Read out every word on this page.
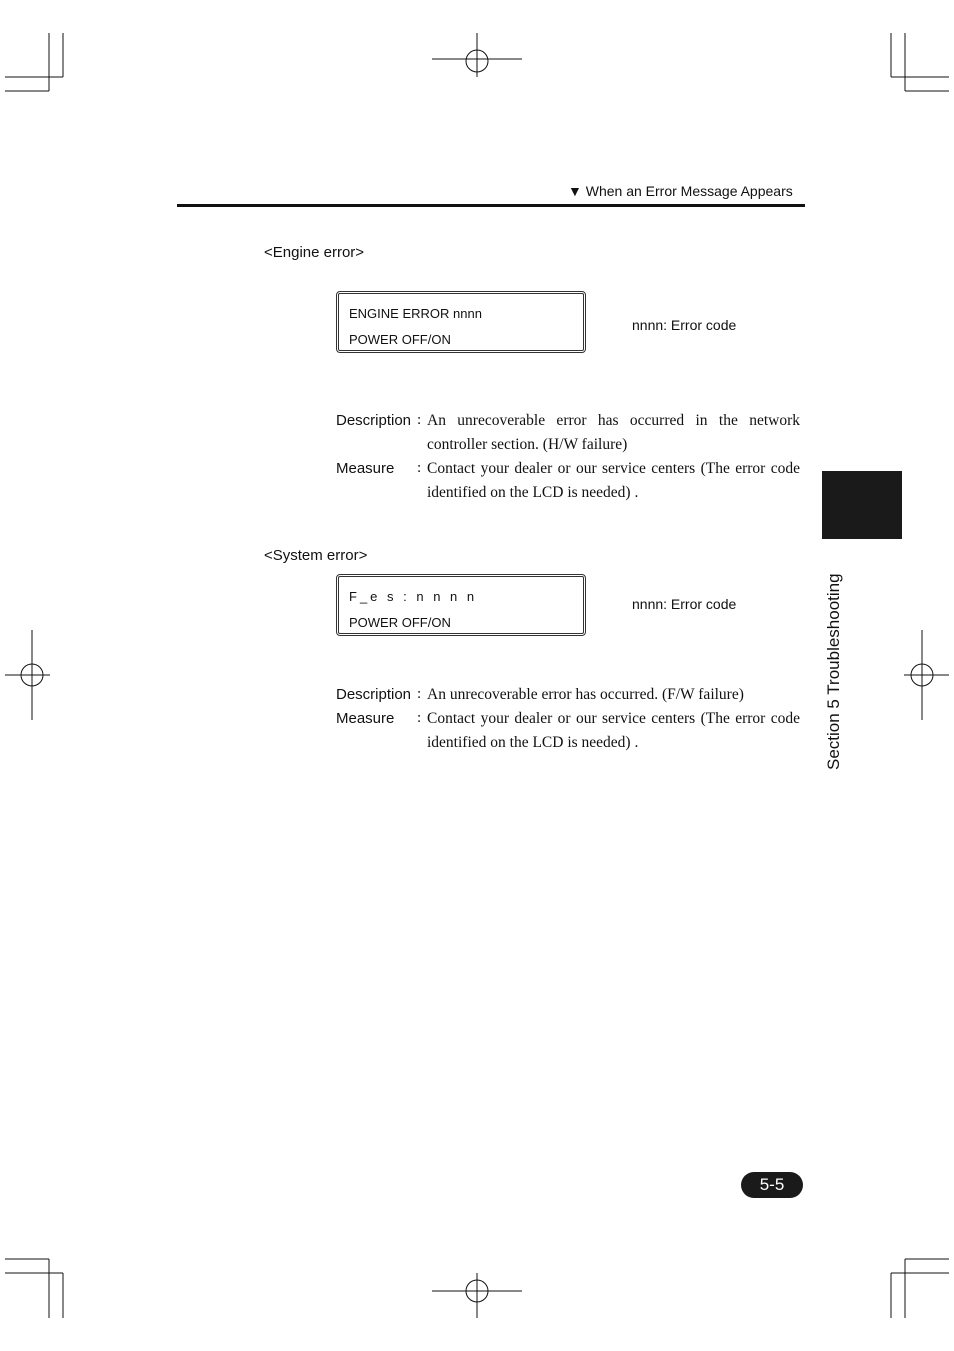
▼ When an Error Message Appears
<Engine error>
ENGINE ERROR nnnn
POWER OFF/ON
nnnn: Error code
Description : An unrecoverable error has occurred in the network controller section. (H/W failure)
Measure : Contact your dealer or our service centers (The error code identified on the LCD is needed) .
<System error>
F_e s : n n n n
POWER OFF/ON
nnnn: Error code
Description : An unrecoverable error has occurred. (F/W failure)
Measure : Contact your dealer or our service centers (The error code identified on the LCD is needed) .	Section 5 Troubleshooting
5-5
